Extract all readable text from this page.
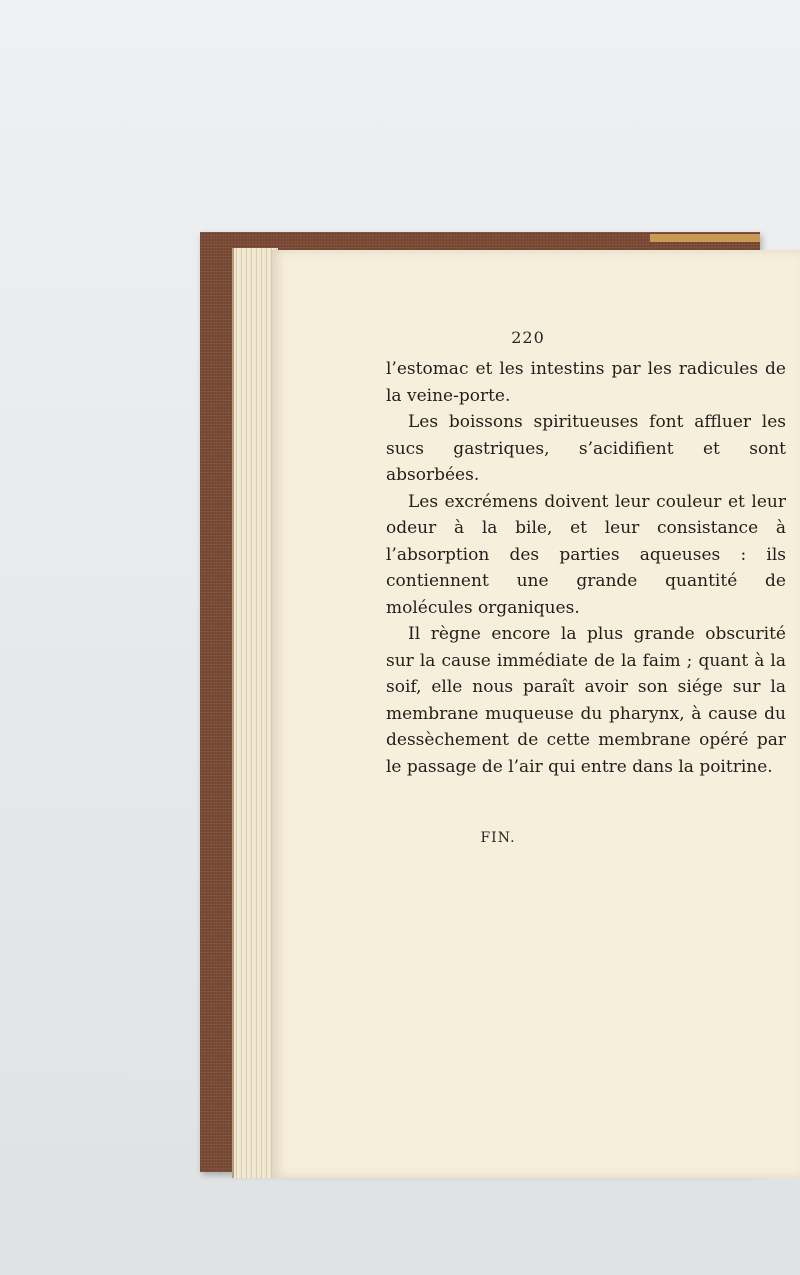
220

l’estomac et les intestins par les radicules de la veine-porte.

Les boissons spiritueuses font affluer les sucs gastriques, s’acidifient et sont absorbées.

Les excrémens doivent leur couleur et leur odeur à la bile, et leur consistance à l’absorption des parties aqueuses : ils contiennent une grande quantité de molécules organiques.

Il règne encore la plus grande obscurité sur la cause immédiate de la faim ; quant à la soif, elle nous paraît avoir son siége sur la membrane muqueuse du pharynx, à cause du dessèchement de cette membrane opéré par le passage de l’air qui entre dans la poitrine.

FIN.
